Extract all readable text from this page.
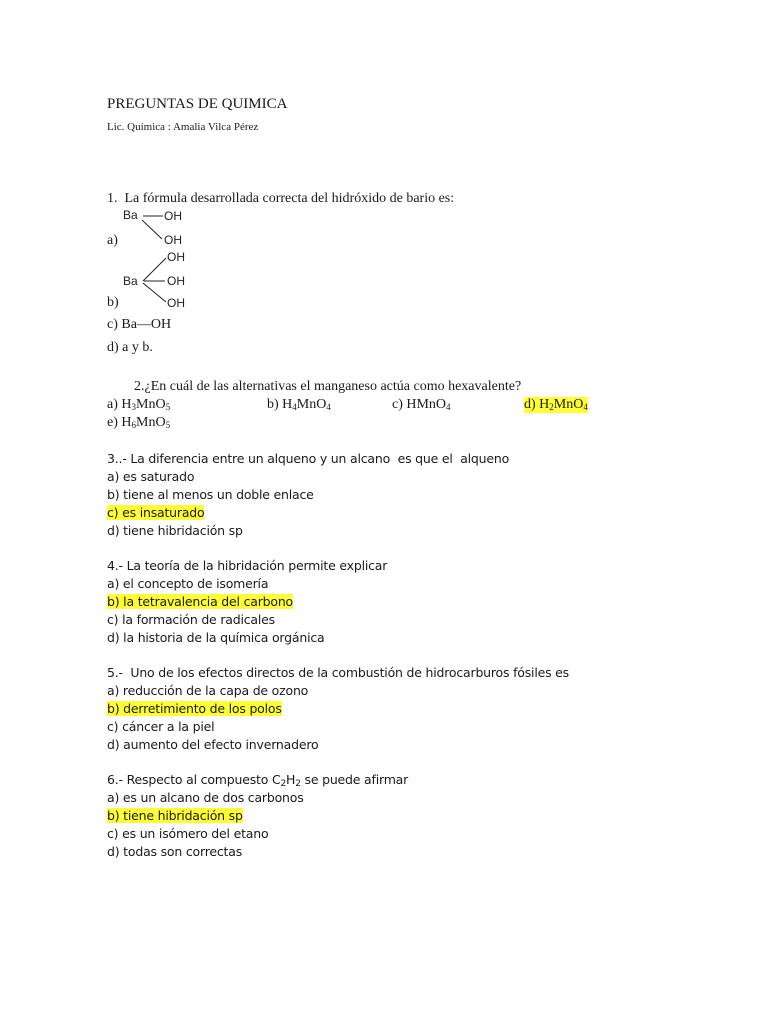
PREGUNTAS DE QUIMICA
Lic. Química : Amalia Vilca Pérez
1.  La fórmula desarrollada correcta del hidróxido de bario es:
Ba OH
OH
a)
OH
Ba OH
OH
b)
c) Ba—OH
d) a y b.
2.¿En cuál de las alternativas el manganeso actúa como hexavalente?
a) $H_3MnO_5$	b) $H_4MnO_4$	c) HMnO$_4$	d) $H_2MnO_4$
e) $H_6MnO_5$
3..- La diferencia entre un alqueno y un alcano  es que el  alqueno
a) es saturado
b) tiene al menos un doble enlace
c) es insaturado
d) tiene hibridación sp
4.- La teoría de la hibridación permite explicar
a) el concepto de isomería
b) la tetravalencia del carbono
c) la formación de radicales
d) la historia de la química orgánica
5.-  Uno de los efectos directos de la combustión de hidrocarburos fósiles es
a) reducción de la capa de ozono
b) derretimiento de los polos
c) cáncer a la piel
d) aumento del efecto invernadero
6.- Respecto al compuesto $C_2H_2$ se puede afirmar
a) es un alcano de dos carbonos
b) tiene hibridación sp
c) es un isómero del etano
d) todas son correctas
